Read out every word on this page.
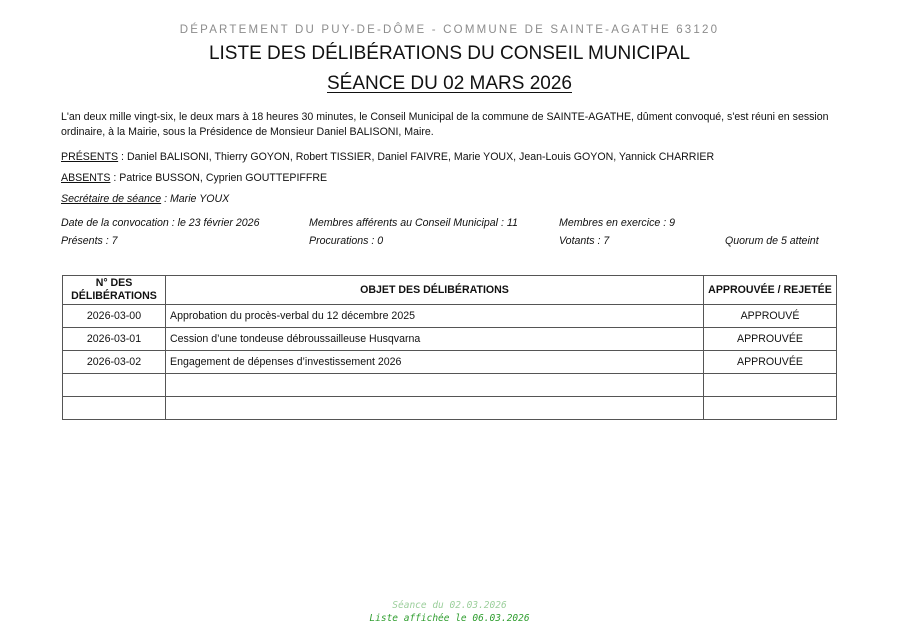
DÉPARTEMENT DU PUY-DE-DÔME - COMMUNE DE SAINTE-AGATHE 63120
LISTE DES DÉLIBÉRATIONS DU CONSEIL MUNICIPAL
SÉANCE DU 02 MARS 2026
L'an deux mille vingt-six, le deux mars à 18 heures 30 minutes, le Conseil Municipal de la commune de SAINTE-AGATHE, dûment convoqué, s'est réuni en session ordinaire, à la Mairie, sous la Présidence de Monsieur Daniel BALISONI, Maire.
PRÉSENTS : Daniel BALISONI, Thierry GOYON, Robert TISSIER, Daniel FAIVRE, Marie YOUX, Jean-Louis GOYON, Yannick CHARRIER
ABSENTS : Patrice BUSSON, Cyprien GOUTTEPIFFRE
Secrétaire de séance : Marie YOUX
Date de la convocation : le 23 février 2026	Membres afférents au Conseil Municipal : 11	Membres en exercice : 9
Présents : 7	Procurations : 0	Votants : 7	Quorum de 5 atteint
N° DES
DÉLIBÉRATIONS	OBJET DES DÉLIBÉRATIONS	APPROUVÉE / REJETÉE
2026-03-00	Approbation du procès-verbal du 12 décembre 2025	APPROUVÉ
2026-03-01	Cession d’une tondeuse débroussailleuse Husqvarna	APPROUVÉE
2026-03-02	Engagement de dépenses d’investissement 2026	APPROUVÉE

Séance du 02.03.2026
Liste affichée le 06.03.2026
